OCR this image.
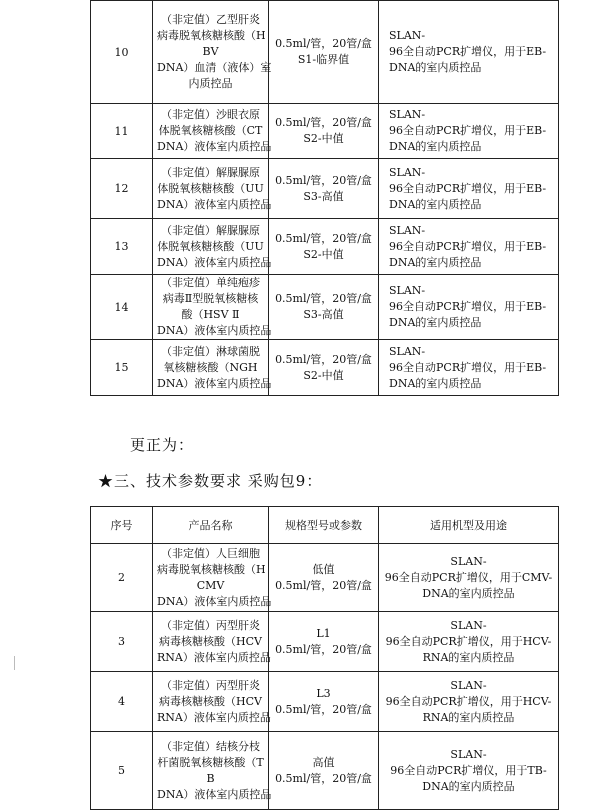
10	（非定值）乙型肝炎
病毒脱氧核糖核酸（H
BV
DNA）血清（液体）室
内质控品	0.5ml/管，20管/盒
S1-临界值	SLAN-
96全自动PCR扩增仪，用于EB-
DNA的室内质控品

11	（非定值）沙眼衣原
体脱氧核糖核酸（CT
DNA）液体室内质控品	0.5ml/管，20管/盒
S2-中值	SLAN-
96全自动PCR扩增仪，用于EB-
DNA的室内质控品

12	（非定值）解脲脲原
体脱氧核糖核酸（UU
DNA）液体室内质控品	0.5ml/管，20管/盒
S3-高值	SLAN-
96全自动PCR扩增仪，用于EB-
DNA的室内质控品

13	（非定值）解脲脲原
体脱氧核糖核酸（UU
DNA）液体室内质控品	0.5ml/管，20管/盒
S2-中值	SLAN-
96全自动PCR扩增仪，用于EB-
DNA的室内质控品

14	（非定值）单纯疱疹
病毒Ⅱ型脱氧核糖核
酸（HSV Ⅱ
DNA）液体室内质控品	0.5ml/管，20管/盒
S3-高值	SLAN-
96全自动PCR扩增仪，用于EB-
DNA的室内质控品

15	（非定值）淋球菌脱
氧核糖核酸（NGH
DNA）液体室内质控品	0.5ml/管，20管/盒
S2-中值	SLAN-
96全自动PCR扩增仪，用于EB-
DNA的室内质控品
更正为：
★三、技术参数要求 采购包9：
序号	产品名称	规格型号或参数	适用机型及用途
2	（非定值）人巨细胞
病毒脱氧核糖核酸（H
CMV
DNA）液体室内质控品	低值
0.5ml/管，20管/盒	SLAN-
96全自动PCR扩增仪，用于CMV-
DNA的室内质控品

3	（非定值）丙型肝炎
病毒核糖核酸（HCV
RNA）液体室内质控品	L1
0.5ml/管，20管/盒	SLAN-
96全自动PCR扩增仪，用于HCV-
RNA的室内质控品

4	（非定值）丙型肝炎
病毒核糖核酸（HCV
RNA）液体室内质控品	L3
0.5ml/管，20管/盒	SLAN-
96全自动PCR扩增仪，用于HCV-
RNA的室内质控品

5	（非定值）结核分枝
杆菌脱氧核糖核酸（T
B
DNA）液体室内质控品	高值
0.5ml/管，20管/盒	SLAN-
96全自动PCR扩增仪，用于TB-
DNA的室内质控品
